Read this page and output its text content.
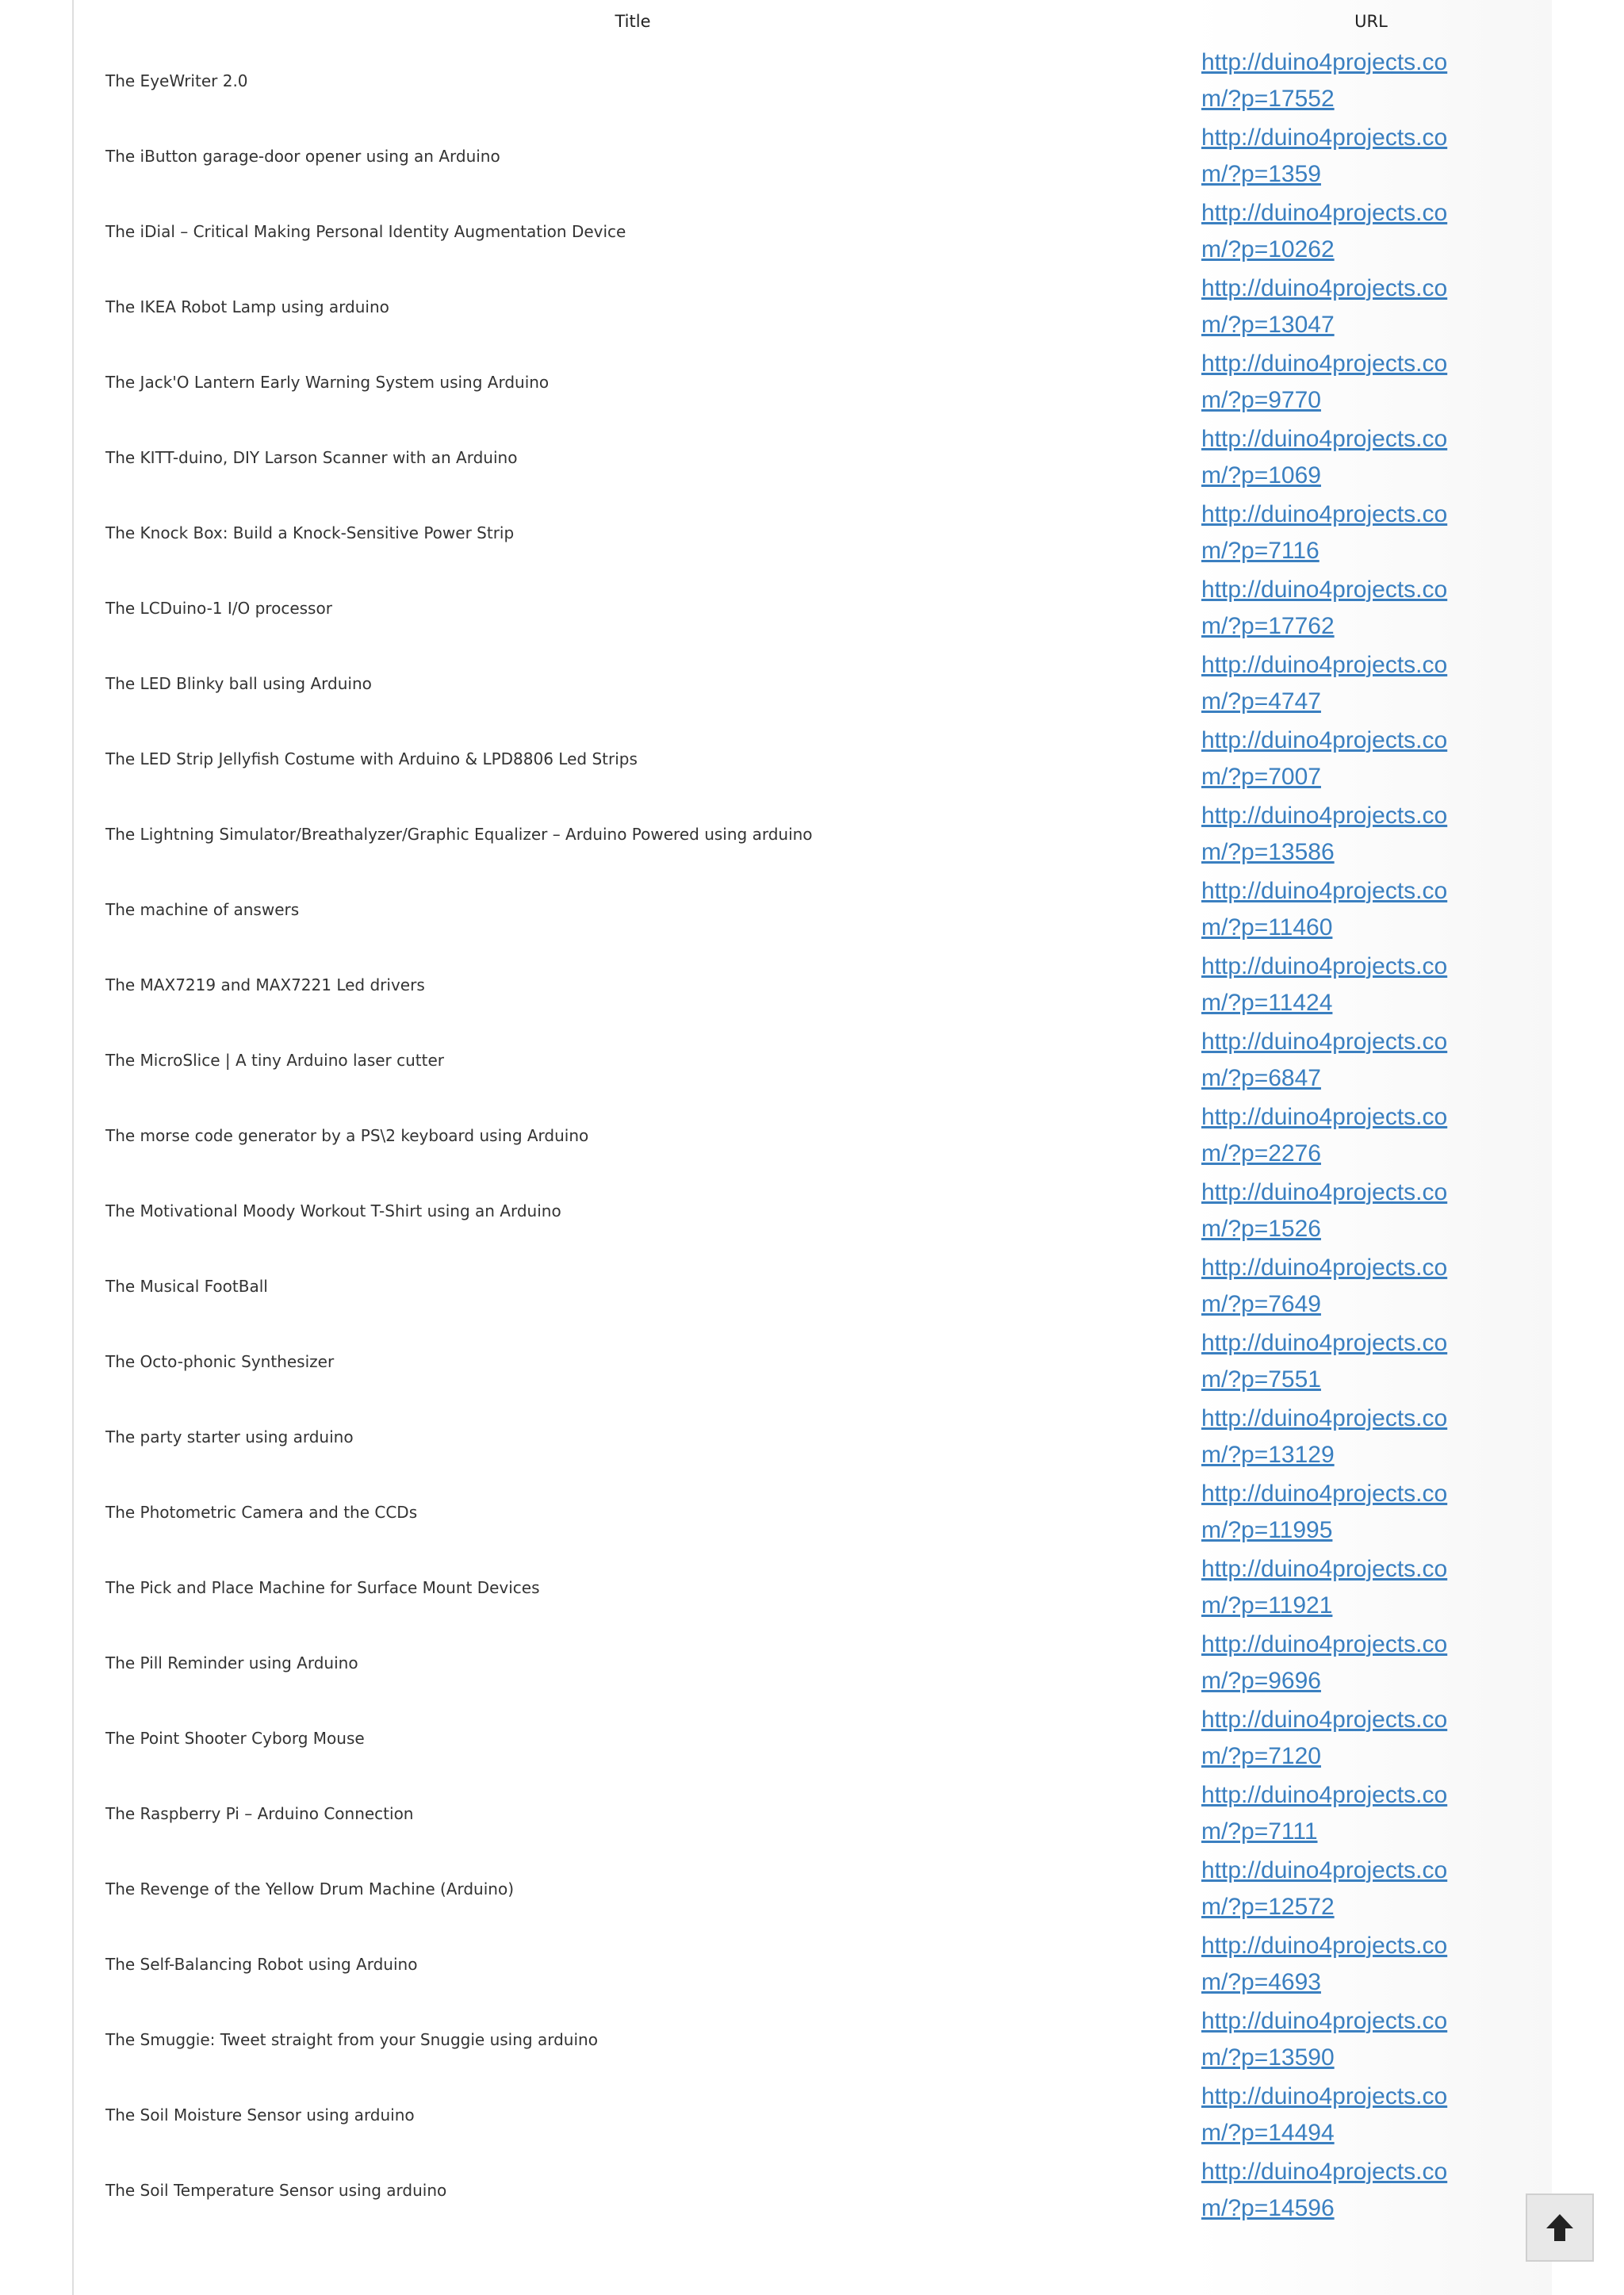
Title	URL
The EyeWriter 2.0	http://duino4projects.com/?p=17552

The iButton garage-door opener using an Arduino	http://duino4projects.com/?p=1359

The iDial – Critical Making Personal Identity Augmentation Device	http://duino4projects.com/?p=10262

The IKEA Robot Lamp using arduino	http://duino4projects.com/?p=13047

The Jack'O Lantern Early Warning System using Arduino	http://duino4projects.com/?p=9770

The KITT-duino, DIY Larson Scanner with an Arduino	http://duino4projects.com/?p=1069

The Knock Box: Build a Knock-Sensitive Power Strip	http://duino4projects.com/?p=7116

The LCDuino-1 I/O processor	http://duino4projects.com/?p=17762

The LED Blinky ball using Arduino	http://duino4projects.com/?p=4747

The LED Strip Jellyfish Costume with Arduino & LPD8806 Led Strips	http://duino4projects.com/?p=7007

The Lightning Simulator/Breathalyzer/Graphic Equalizer – Arduino Powered using arduino	http://duino4projects.com/?p=13586

The machine of answers	http://duino4projects.com/?p=11460

The MAX7219 and MAX7221 Led drivers	http://duino4projects.com/?p=11424

The MicroSlice | A tiny Arduino laser cutter	http://duino4projects.com/?p=6847

The morse code generator by a PS\2 keyboard using Arduino	http://duino4projects.com/?p=2276

The Motivational Moody Workout T-Shirt using an Arduino	http://duino4projects.com/?p=1526

The Musical FootBall	http://duino4projects.com/?p=7649

The Octo-phonic Synthesizer	http://duino4projects.com/?p=7551

The party starter using arduino	http://duino4projects.com/?p=13129

The Photometric Camera and the CCDs	http://duino4projects.com/?p=11995

The Pick and Place Machine for Surface Mount Devices	http://duino4projects.com/?p=11921

The Pill Reminder using Arduino	http://duino4projects.com/?p=9696

The Point Shooter Cyborg Mouse	http://duino4projects.com/?p=7120

The Raspberry Pi – Arduino Connection	http://duino4projects.com/?p=7111

The Revenge of the Yellow Drum Machine (Arduino)	http://duino4projects.com/?p=12572

The Self-Balancing Robot using Arduino	http://duino4projects.com/?p=4693

The Smuggie: Tweet straight from your Snuggie using arduino	http://duino4projects.com/?p=13590

The Soil Moisture Sensor using arduino	http://duino4projects.com/?p=14494

The Soil Temperature Sensor using arduino	http://duino4projects.com/?p=14596
